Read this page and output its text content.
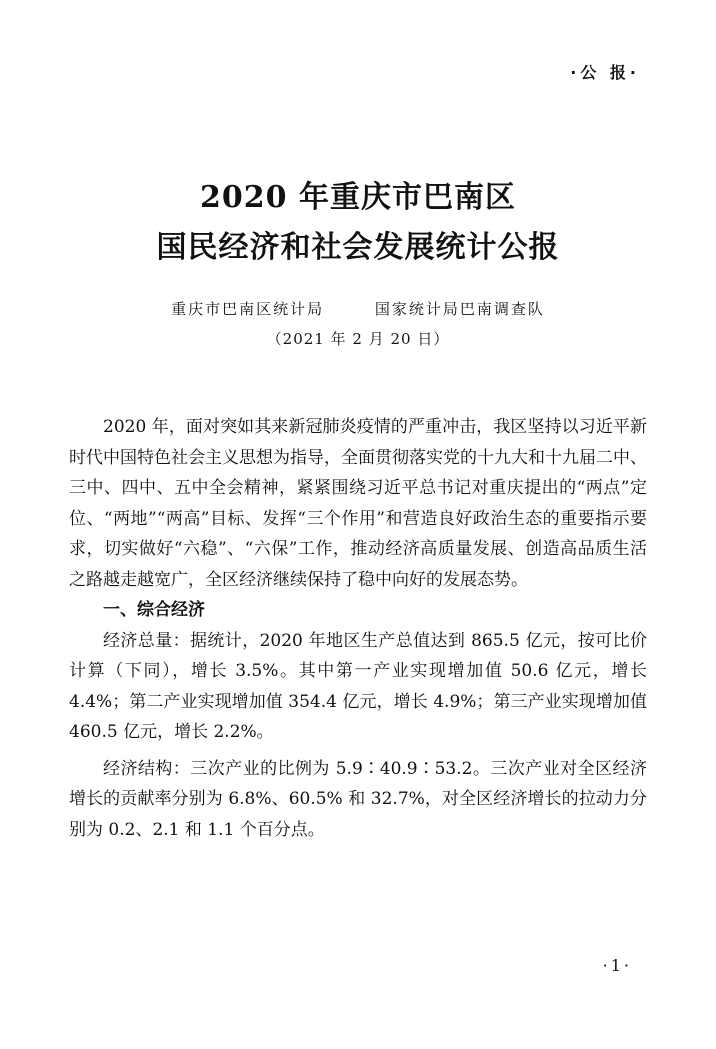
·公 报·
2020 年重庆市巴南区
国民经济和社会发展统计公报
重庆市巴南区统计局	国家统计局巴南调查队
（2021 年 2 月 20 日）

2020 年，面对突如其来新冠肺炎疫情的严重冲击，我区坚持以习近平新时代中国特色社会主义思想为指导，全面贯彻落实党的十九大和十九届二中、三中、四中、五中全会精神，紧紧围绕习近平总书记对重庆提出的“两点”定位、“两地”“两高”目标、发挥“三个作用”和营造良好政治生态的重要指示要求，切实做好“六稳”、“六保”工作，推动经济高质量发展、创造高品质生活之路越走越宽广，全区经济继续保持了稳中向好的发展态势。

一、综合经济

经济总量：据统计，2020 年地区生产总值达到 865.5 亿元，按可比价计算（下同），增长 3.5%。其中第一产业实现增加值 50.6 亿元，增长 4.4%；第二产业实现增加值 354.4 亿元，增长 4.9%；第三产业实现增加值 460.5 亿元，增长 2.2%。

经济结构：三次产业的比例为 5.9∶40.9∶53.2。三次产业对全区经济增长的贡献率分别为 6.8%、60.5% 和 32.7%，对全区经济增长的拉动力分别为 0.2、2.1 和 1.1 个百分点。

·1·
